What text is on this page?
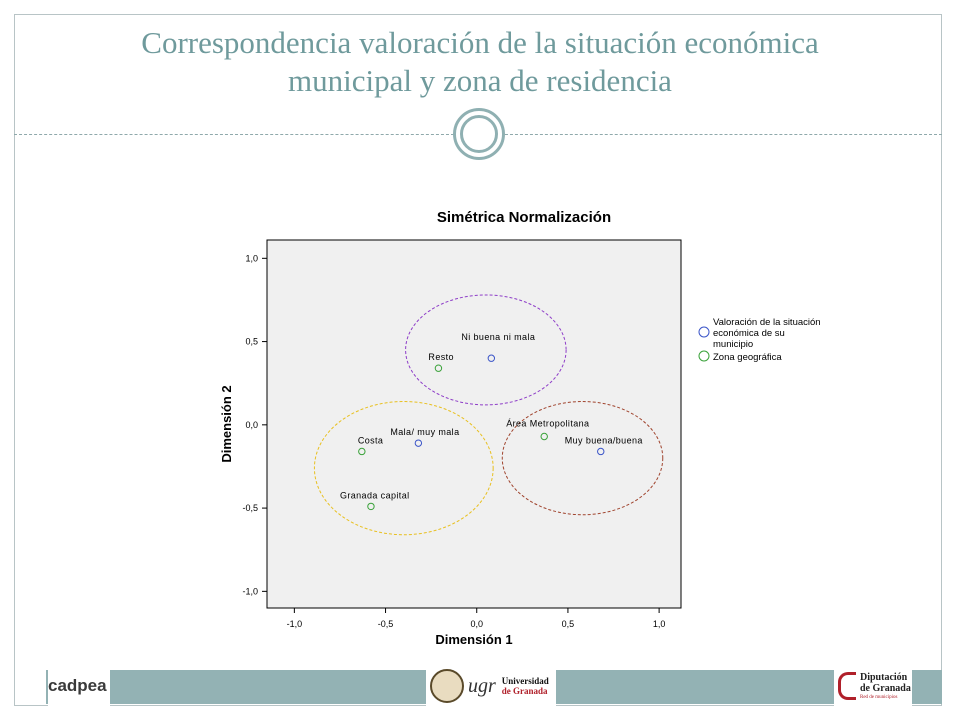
Correspondencia valoración de la situación económica
municipal y zona de residencia
Simétrica Normalización
-1,0	-0,5	0,0	0,5	1,0
-1,0
-0,5
0,0
0,5
1,0
Ni buena ni mala
Mala/ muy mala
Muy buena/buena
Resto
Costa
Área Metropolitana
Granada capital
Dimensión 1
Dimensión 2
Valoración de la situación económica de su municipio
Zona geográfica
cadpea	ugr Universidad
de Granada
Diputación
de Granada
Red de municipios
